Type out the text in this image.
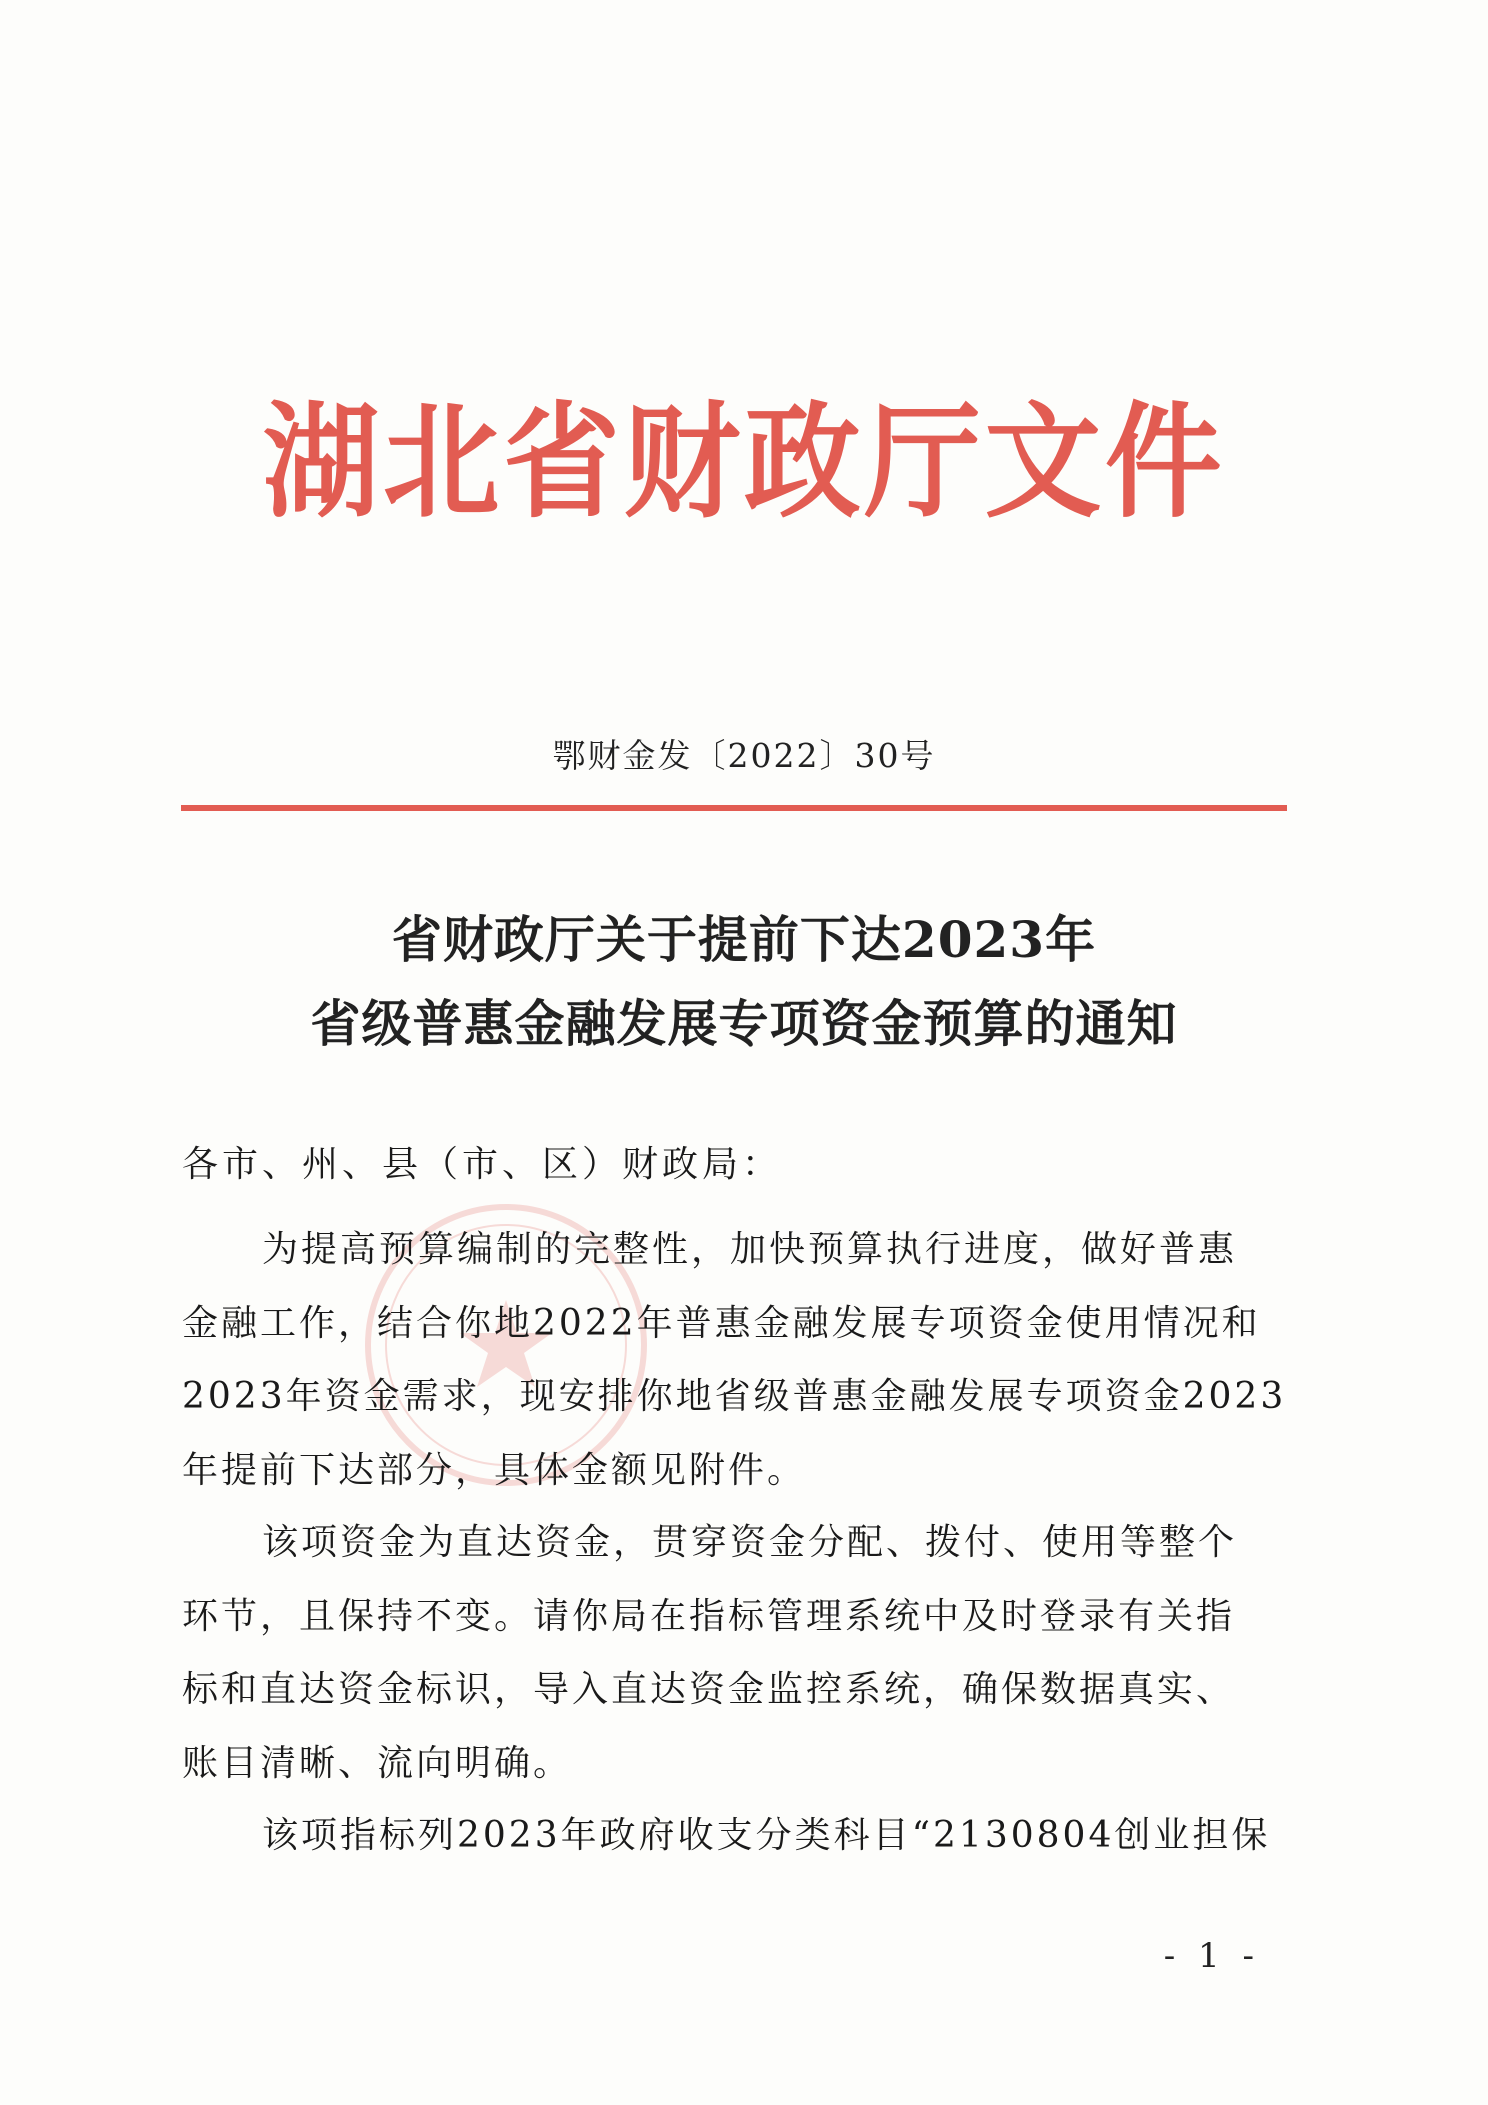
湖北省财政厅文件
鄂财金发〔2022〕30号
省财政厅关于提前下达2023年
省级普惠金融发展专项资金预算的通知
各市、州、县（市、区）财政局：
为提高预算编制的完整性，加快预算执行进度，做好普惠
金融工作，结合你地2022年普惠金融发展专项资金使用情况和
2023年资金需求，现安排你地省级普惠金融发展专项资金2023
年提前下达部分，具体金额见附件。
该项资金为直达资金，贯穿资金分配、拨付、使用等整个
环节，且保持不变。请你局在指标管理系统中及时登录有关指
标和直达资金标识，导入直达资金监控系统，确保数据真实、
账目清晰、流向明确。
该项指标列2023年政府收支分类科目“2130804创业担保
- 1 -
